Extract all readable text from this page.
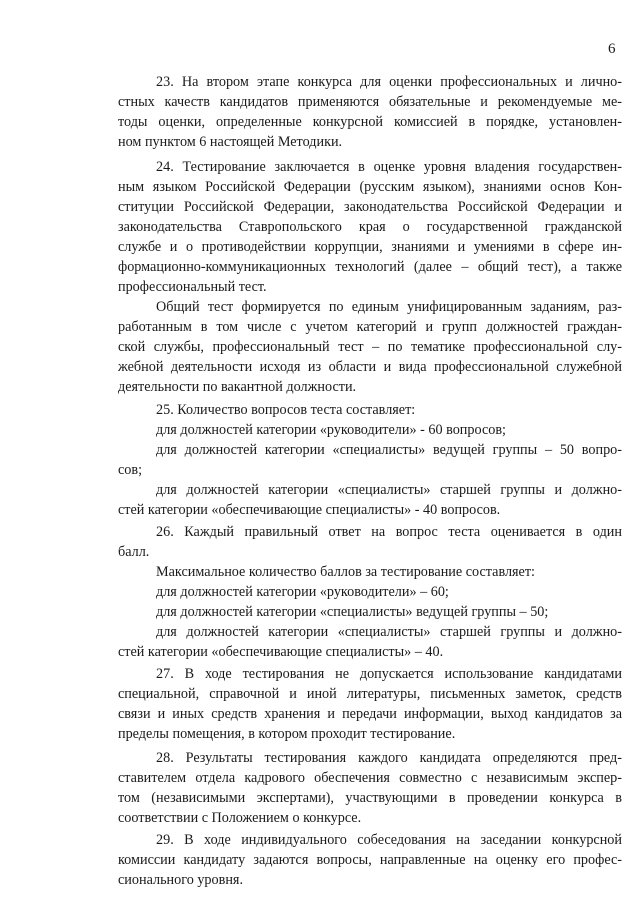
6
23. На втором этапе конкурса для оценки профессиональных и лично-
стных качеств кандидатов применяются обязательные и рекомендуемые ме-
тоды оценки, определенные конкурсной комиссией в порядке, установлен-
ном пунктом 6 настоящей Методики.
24. Тестирование заключается в оценке уровня владения государствен-
ным языком Российской Федерации (русским языком), знаниями основ Кон-
ституции Российской Федерации, законодательства Российской Федерации и
законодательства Ставропольского края о государственной гражданской
службе и о противодействии коррупции, знаниями и умениями в сфере ин-
формационно-коммуникационных технологий (далее – общий тест), а также
профессиональный тест.
Общий тест формируется по единым унифицированным заданиям, раз-
работанным в том числе с учетом категорий и групп должностей граждан-
ской службы, профессиональный тест – по тематике профессиональной слу-
жебной деятельности исходя из области и вида профессиональной служебной
деятельности по вакантной должности.
25. Количество вопросов теста составляет:
для должностей категории «руководители» - 60 вопросов;
для должностей категории «специалисты» ведущей группы – 50 вопро-
сов;
для должностей категории «специалисты» старшей группы и должно-
стей категории «обеспечивающие специалисты» - 40 вопросов.
26. Каждый правильный ответ на вопрос теста оценивается в один
балл.
Максимальное количество баллов за тестирование составляет:
для должностей категории «руководители» – 60;
для должностей категории «специалисты» ведущей группы – 50;
для должностей категории «специалисты» старшей группы и должно-
стей категории «обеспечивающие специалисты» – 40.
27. В ходе тестирования не допускается использование кандидатами
специальной, справочной и иной литературы, письменных заметок, средств
связи и иных средств хранения и передачи информации, выход кандидатов за
пределы помещения, в котором проходит тестирование.
28. Результаты тестирования каждого кандидата определяются пред-
ставителем отдела кадрового обеспечения совместно с независимым экспер-
том (независимыми экспертами), участвующими в проведении конкурса в
соответствии с Положением о конкурсе.
29. В ходе индивидуального собеседования на заседании конкурсной
комиссии кандидату задаются вопросы, направленные на оценку его профес-
сионального уровня.
